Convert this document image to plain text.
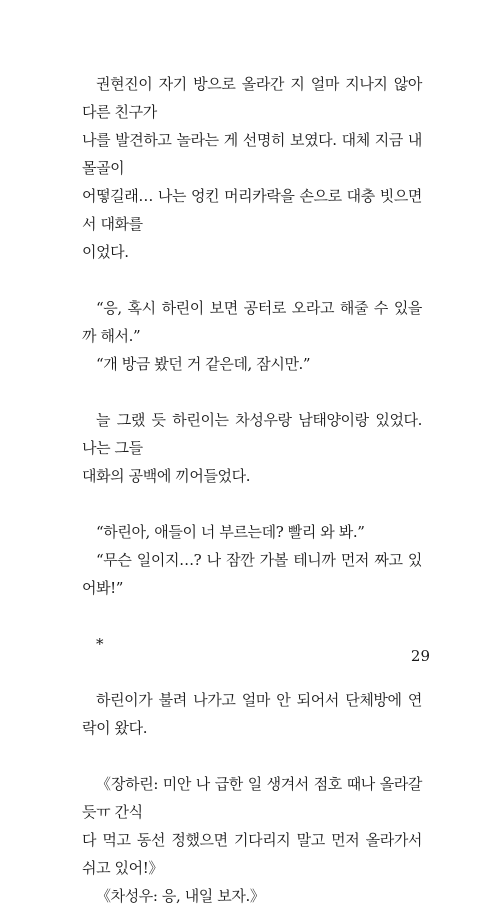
권현진이 자기 방으로 올라간 지 얼마 지나지 않아 다른 친구가

나를 발견하고 놀라는 게 선명히 보였다. 대체 지금 내 몰골이

어떻길래… 나는 엉킨 머리카락을 손으로 대충 빗으면서 대화를

이었다.

“응, 혹시 하린이 보면 공터로 오라고 해줄 수 있을까 해서.”

“개 방금 봤던 거 같은데, 잠시만.”

늘 그랬 듯 하린이는 차성우랑 남태양이랑 있었다. 나는 그들

대화의 공백에 끼어들었다.

“하린아, 애들이 너 부르는데? 빨리 와 봐.”

“무슨 일이지…? 나 잠깐 가볼 테니까 먼저 짜고 있어봐!”

*

하린이가 불려 나가고 얼마 안 되어서 단체방에 연락이 왔다.

《장하린: 미안 나 급한 일 생겨서 점호 때나 올라갈 듯ㅠ 간식

다 먹고 동선 정했으면 기다리지 말고 먼저 올라가서 쉬고 있어!》

《차성우: 응, 내일 보자.》

29
